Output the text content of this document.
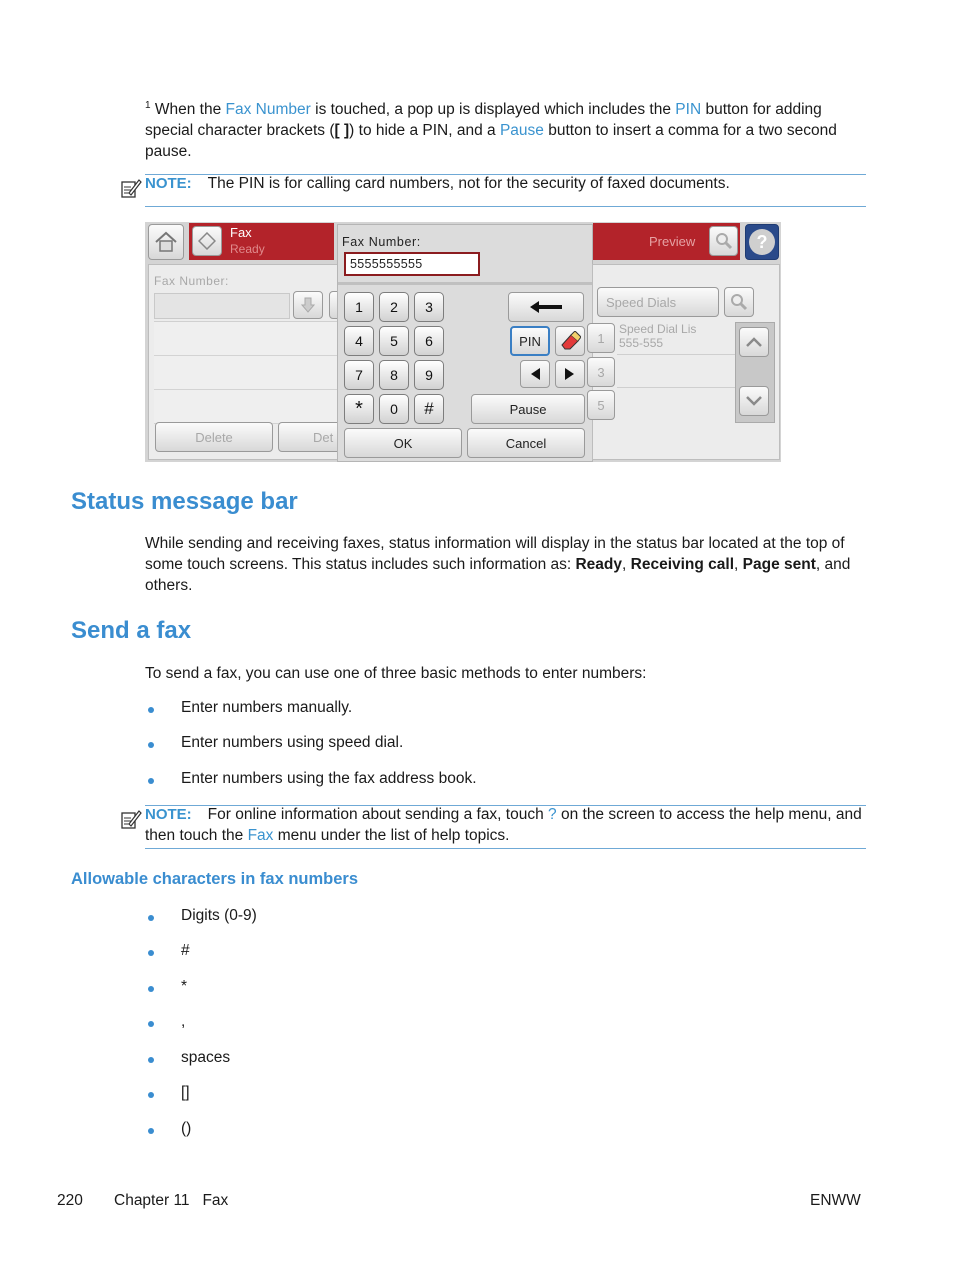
$^1$ When the Fax Number is touched, a pop up is displayed which includes the PIN button for adding special character brackets ([ ]) to hide a PIN, and a Pause button to insert a comma for a two second pause.
NOTE: The PIN is for calling card numbers, not for the security of faxed documents.
Fax
Ready
Fax Number:
Delete	Det
Fax Number:
5555555555
1	2	3
4	5	6
7	8	9
*	0	#
PIN
Pause
OK	Cancel
Preview	?
Speed Dials
1
Speed Dial Lis
555-555
3
5
Status message bar
While sending and receiving faxes, status information will display in the status bar located at the top of some touch screens. This status includes such information as: Ready, Receiving call, Page sent, and others.
Send a fax
To send a fax, you can use one of three basic methods to enter numbers:
Enter numbers manually.
Enter numbers using speed dial.
Enter numbers using the fax address book.
NOTE: For online information about sending a fax, touch ? on the screen to access the help menu, and then touch the Fax menu under the list of help topics.
Allowable characters in fax numbers
Digits (0-9)
#
*
,
spaces
[]
()
220 Chapter 11   Fax	ENWW
